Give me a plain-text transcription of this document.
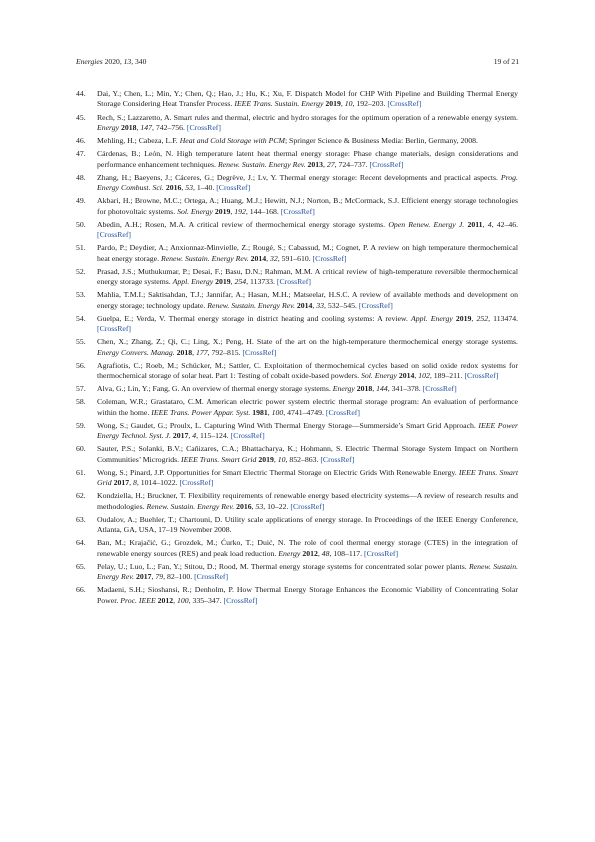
Energies 2020, 13, 340	19 of 21
44. Dai, Y.; Chen, L.; Min, Y.; Chen, Q.; Hao, J.; Hu, K.; Xu, F. Dispatch Model for CHP With Pipeline and Building Thermal Energy Storage Considering Heat Transfer Process. IEEE Trans. Sustain. Energy 2019, 10, 192–203. [CrossRef]
45. Rech, S.; Lazzaretto, A. Smart rules and thermal, electric and hydro storages for the optimum operation of a renewable energy system. Energy 2018, 147, 742–756. [CrossRef]
46. Mehling, H.; Cabeza, L.F. Heat and Cold Storage with PCM; Springer Science & Business Media: Berlin, Germany, 2008.
47. Cárdenas, B.; León, N. High temperature latent heat thermal energy storage: Phase change materials, design considerations and performance enhancement techniques. Renew. Sustain. Energy Rev. 2013, 27, 724–737. [CrossRef]
48. Zhang, H.; Baeyens, J.; Cáceres, G.; Degrève, J.; Lv, Y. Thermal energy storage: Recent developments and practical aspects. Prog. Energy Combust. Sci. 2016, 53, 1–40. [CrossRef]
49. Akbari, H.; Browne, M.C.; Ortega, A.; Huang, M.J.; Hewitt, N.J.; Norton, B.; McCormack, S.J. Efficient energy storage technologies for photovoltaic systems. Sol. Energy 2019, 192, 144–168. [CrossRef]
50. Abedin, A.H.; Rosen, M.A. A critical review of thermochemical energy storage systems. Open Renew. Energy J. 2011, 4, 42–46. [CrossRef]
51. Pardo, P.; Deydier, A.; Anxionnaz-Minvielle, Z.; Rougé, S.; Cabassud, M.; Cognet, P. A review on high temperature thermochemical heat energy storage. Renew. Sustain. Energy Rev. 2014, 32, 591–610. [CrossRef]
52. Prasad, J.S.; Muthukumar, P.; Desai, F.; Basu, D.N.; Rahman, M.M. A critical review of high-temperature reversible thermochemical energy storage systems. Appl. Energy 2019, 254, 113733. [CrossRef]
53. Mahlia, T.M.I.; Saktisahdan, T.J.; Jannifar, A.; Hasan, M.H.; Matseelar, H.S.C. A review of available methods and development on energy storage; technology update. Renew. Sustain. Energy Rev. 2014, 33, 532–545. [CrossRef]
54. Guelpa, E.; Verda, V. Thermal energy storage in district heating and cooling systems: A review. Appl. Energy 2019, 252, 113474. [CrossRef]
55. Chen, X.; Zhang, Z.; Qi, C.; Ling, X.; Peng, H. State of the art on the high-temperature thermochemical energy storage systems. Energy Convers. Manag. 2018, 177, 792–815. [CrossRef]
56. Agrafiotis, C.; Roeb, M.; Schücker, M.; Sattler, C. Exploitation of thermochemical cycles based on solid oxide redox systems for thermochemical storage of solar heat. Part 1: Testing of cobalt oxide-based powders. Sol. Energy 2014, 102, 189–211. [CrossRef]
57. Alva, G.; Lin, Y.; Fang, G. An overview of thermal energy storage systems. Energy 2018, 144, 341–378. [CrossRef]
58. Coleman, W.R.; Grastataro, C.M. American electric power system electric thermal storage program: An evaluation of performance within the home. IEEE Trans. Power Appar. Syst. 1981, 100, 4741–4749. [CrossRef]
59. Wong, S.; Gaudet, G.; Proulx, L. Capturing Wind With Thermal Energy Storage—Summerside’s Smart Grid Approach. IEEE Power Energy Technol. Syst. J. 2017, 4, 115–124. [CrossRef]
60. Sauter, P.S.; Solanki, B.V.; Cañizares, C.A.; Bhattacharya, K.; Hohmann, S. Electric Thermal Storage System Impact on Northern Communities’ Microgrids. IEEE Trans. Smart Grid 2019, 10, 852–863. [CrossRef]
61. Wong, S.; Pinard, J.P. Opportunities for Smart Electric Thermal Storage on Electric Grids With Renewable Energy. IEEE Trans. Smart Grid 2017, 8, 1014–1022. [CrossRef]
62. Kondziella, H.; Bruckner, T. Flexibility requirements of renewable energy based electricity systems—A review of research results and methodologies. Renew. Sustain. Energy Rev. 2016, 53, 10–22. [CrossRef]
63. Oudalov, A.; Buehler, T.; Chartouni, D. Utility scale applications of energy storage. In Proceedings of the IEEE Energy Conference, Atlanta, GA, USA, 17–19 November 2008.
64. Ban, M.; Krajačić, G.; Grozdek, M.; Ćurko, T.; Duić, N. The role of cool thermal energy storage (CTES) in the integration of renewable energy sources (RES) and peak load reduction. Energy 2012, 48, 108–117. [CrossRef]
65. Pelay, U.; Luo, L.; Fan, Y.; Stitou, D.; Rood, M. Thermal energy storage systems for concentrated solar power plants. Renew. Sustain. Energy Rev. 2017, 79, 82–100. [CrossRef]
66. Madaeni, S.H.; Sioshansi, R.; Denholm, P. How Thermal Energy Storage Enhances the Economic Viability of Concentrating Solar Power. Proc. IEEE 2012, 100, 335–347. [CrossRef]
